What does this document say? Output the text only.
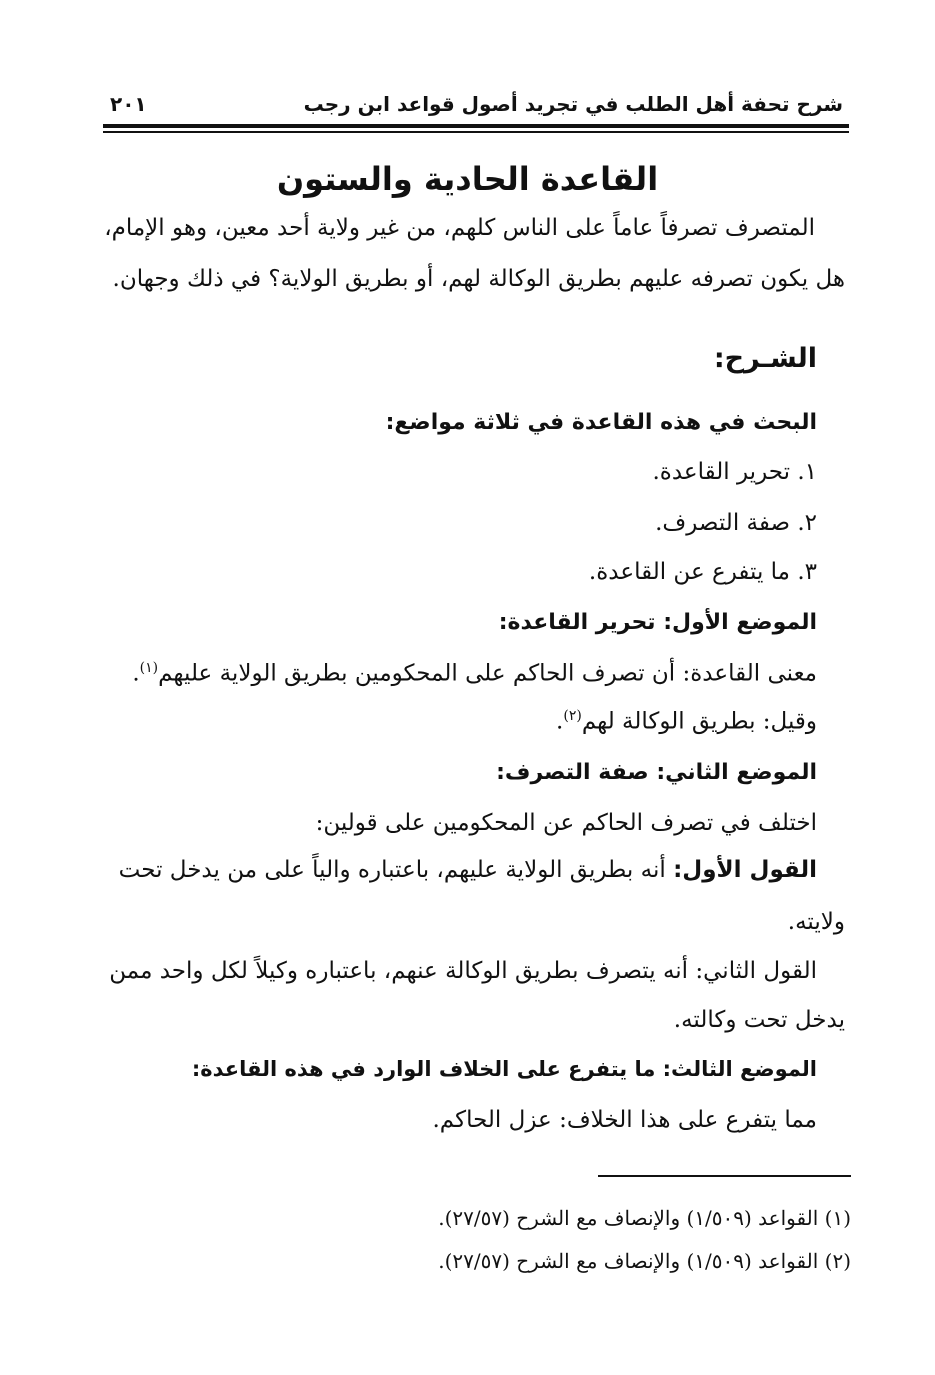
شرح تحفة أهل الطلب في تجريد أصول قواعد ابن رجب
٢٠١
القاعدة الحادية والستون
المتصرف تصرفاً عاماً على الناس كلهم، من غير ولاية أحد معين، وهو الإمام،
هل يكون تصرفه عليهم بطريق الوكالة لهم، أو بطريق الولاية؟ في ذلك وجهان.
الشـرح:
البحث في هذه القاعدة في ثلاثة مواضع:
١. تحرير القاعدة.
٢. صفة التصرف.
٣. ما يتفرع عن القاعدة.
الموضع الأول: تحرير القاعدة:
معنى القاعدة: أن تصرف الحاكم على المحكومين بطريق الولاية عليهم$^{(١)}$.
وقيل: بطريق الوكالة لهم$^{(٢)}$.
الموضع الثاني: صفة التصرف:
اختلف في تصرف الحاكم عن المحكومين على قولين:
القول الأول: أنه بطريق الولاية عليهم، باعتباره والياً على من يدخل تحت
ولايته.
القول الثاني: أنه يتصرف بطريق الوكالة عنهم، باعتباره وكيلاً لكل واحد ممن
يدخل تحت وكالته.
الموضع الثالث: ما يتفرع على الخلاف الوارد في هذه القاعدة:
مما يتفرع على هذا الخلاف: عزل الحاكم.
(١) القواعد (١/٥٠٩) والإنصاف مع الشرح (٢٧/٥٧).
(٢) القواعد (١/٥٠٩) والإنصاف مع الشرح (٢٧/٥٧).
